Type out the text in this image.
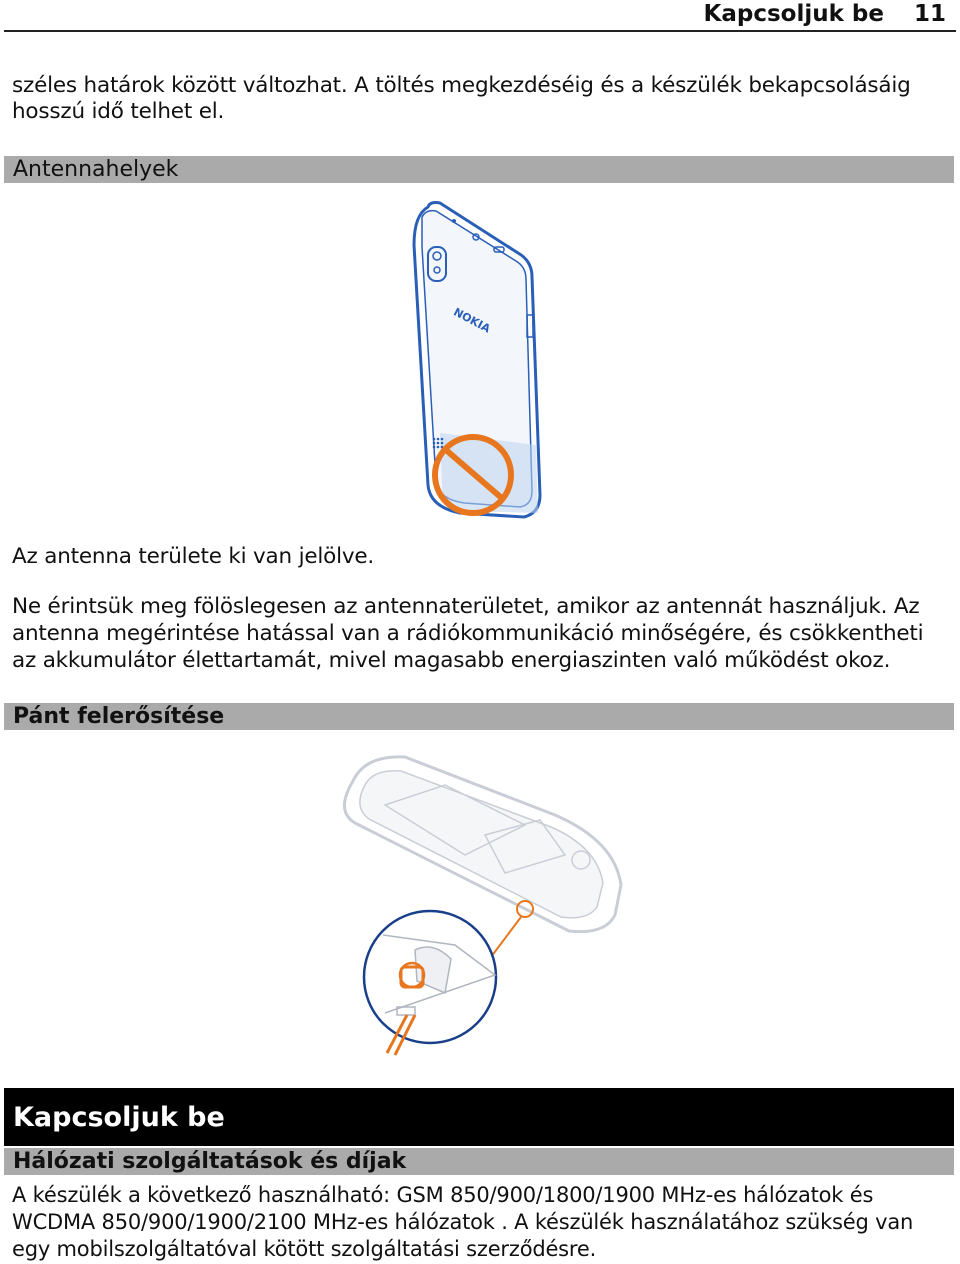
Kapcsoljuk be 11
széles határok között változhat. A töltés megkezdéséig és a készülék bekapcsolásáig
hosszú idő telhet el.
Antennahelyek
NOKIA
Az antenna területe ki van jelölve.
Ne érintsük meg fölöslegesen az antennaterületet, amikor az antennát használjuk. Az
antenna megérintése hatással van a rádiókommunikáció minőségére, és csökkentheti
az akkumulátor élettartamát, mivel magasabb energiaszinten való működést okoz.
Pánt felerősítése
Kapcsoljuk be
Hálózati szolgáltatások és díjak
A készülék a következő használható: GSM 850/900/1800/1900 MHz-es hálózatok és
WCDMA 850/900/1900/2100 MHz-es hálózatok . A készülék használatához szükség van
egy mobilszolgáltatóval kötött szolgáltatási szerződésre.
